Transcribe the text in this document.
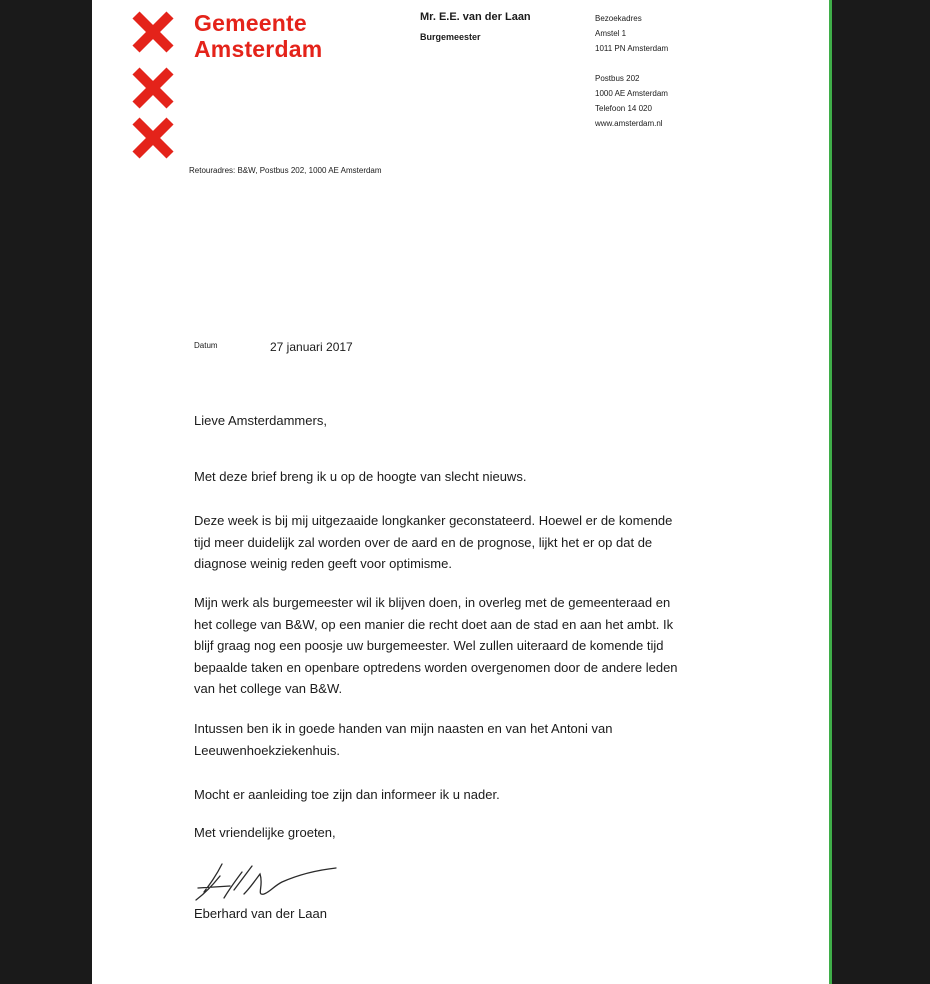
Gemeente
Amsterdam
Mr. E.E. van der Laan
Burgemeester
Bezoekadres
Amstel 1
1011 PN Amsterdam
Postbus 202
1000 AE Amsterdam
Telefoon 14 020
www.amsterdam.nl
Retouradres: B&W, Postbus 202, 1000 AE Amsterdam
Datum	27 januari 2017
Lieve Amsterdammers,
Met deze brief breng ik u op de hoogte van slecht nieuws.
Deze week is bij mij uitgezaaide longkanker geconstateerd. Hoewel er de komende
tijd meer duidelijk zal worden over de aard en de prognose, lijkt het er op dat de
diagnose weinig reden geeft voor optimisme.
Mijn werk als burgemeester wil ik blijven doen, in overleg met de gemeenteraad en
het college van B&W, op een manier die recht doet aan de stad en aan het ambt. Ik
blijf graag nog een poosje uw burgemeester. Wel zullen uiteraard de komende tijd
bepaalde taken en openbare optredens worden overgenomen door de andere leden
van het college van B&W.
Intussen ben ik in goede handen van mijn naasten en van het Antoni van
Leeuwenhoekziekenhuis.
Mocht er aanleiding toe zijn dan informeer ik u nader.
Met vriendelijke groeten,
Eberhard van der Laan
